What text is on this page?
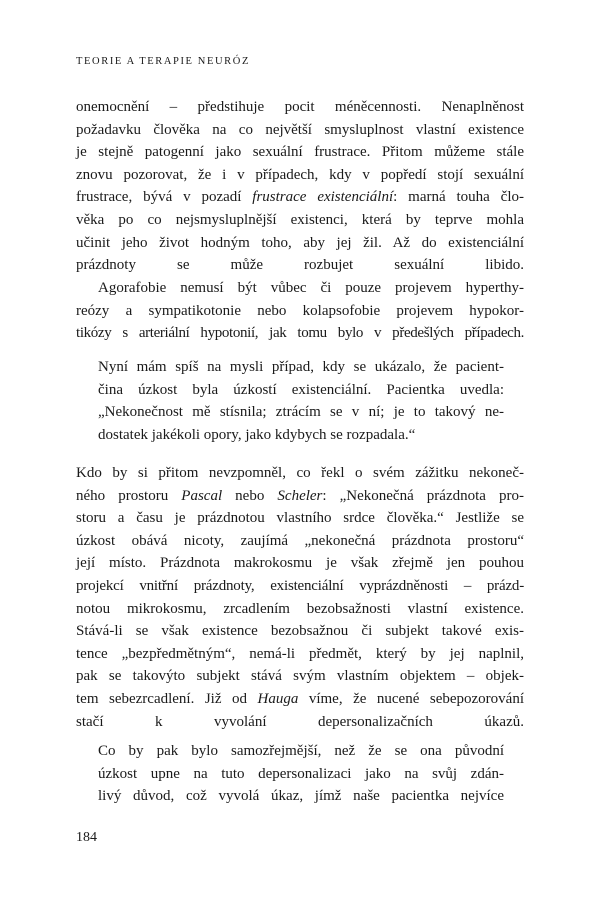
TEORIE A TERAPIE NEURÓZ
onemocnění – předstihuje pocit méněcennosti. Nenaplněnost
požadavku člověka na co největší smysluplnost vlastní existence
je stejně patogenní jako sexuální frustrace. Přitom můžeme stále
znovu pozorovat, že i v případech, kdy v popředí stojí sexuální
frustrace, bývá v pozadí frustrace existenciální: marná touha člo-
věka po co nejsmysluplnější existenci, která by teprve mohla
učinit jeho život hodným toho, aby jej žil. Až do existenciální
prázdnoty se může rozbujet sexuální libido.
Agorafobie nemusí být vůbec či pouze projevem hyperthy-
reózy a sympatikotonie nebo kolapsofobie projevem hypokor-
tikózy s arteriální hypotonií, jak tomu bylo v předešlých případech.
Nyní mám spíš na mysli případ, kdy se ukázalo, že pacient-
čina úzkost byla úzkostí existenciální. Pacientka uvedla:
„Nekonečnost mě stísnila; ztrácím se v ní; je to takový ne-
dostatek jakékoli opory, jako kdybych se rozpadala.“
Kdo by si přitom nevzpomněl, co řekl o svém zážitku nekoneč-
ného prostoru Pascal nebo Scheler: „Nekonečná prázdnota pro-
storu a času je prázdnotou vlastního srdce člověka.“ Jestliže se
úzkost obává nicoty, zaujímá „nekonečná prázdnota prostoru“
její místo. Prázdnota makrokosmu je však zřejmě jen pouhou
projekcí vnitřní prázdnoty, existenciální vyprázdněnosti – prázd-
notou mikrokosmu, zrcadlením bezobsažnosti vlastní existence.
Stává-li se však existence bezobsažnou či subjekt takové exis-
tence „bezpředmětným“, nemá-li předmět, který by jej naplnil,
pak se takovýto subjekt stává svým vlastním objektem – objek-
tem sebezrcadlení. Již od Hauga víme, že nucené sebepozorování
stačí k vyvolání depersonalizačních úkazů.
Co by pak bylo samozřejmější, než že se ona původní
úzkost upne na tuto depersonalizaci jako na svůj zdán-
livý důvod, což vyvolá úkaz, jímž naše pacientka nejvíce
184
